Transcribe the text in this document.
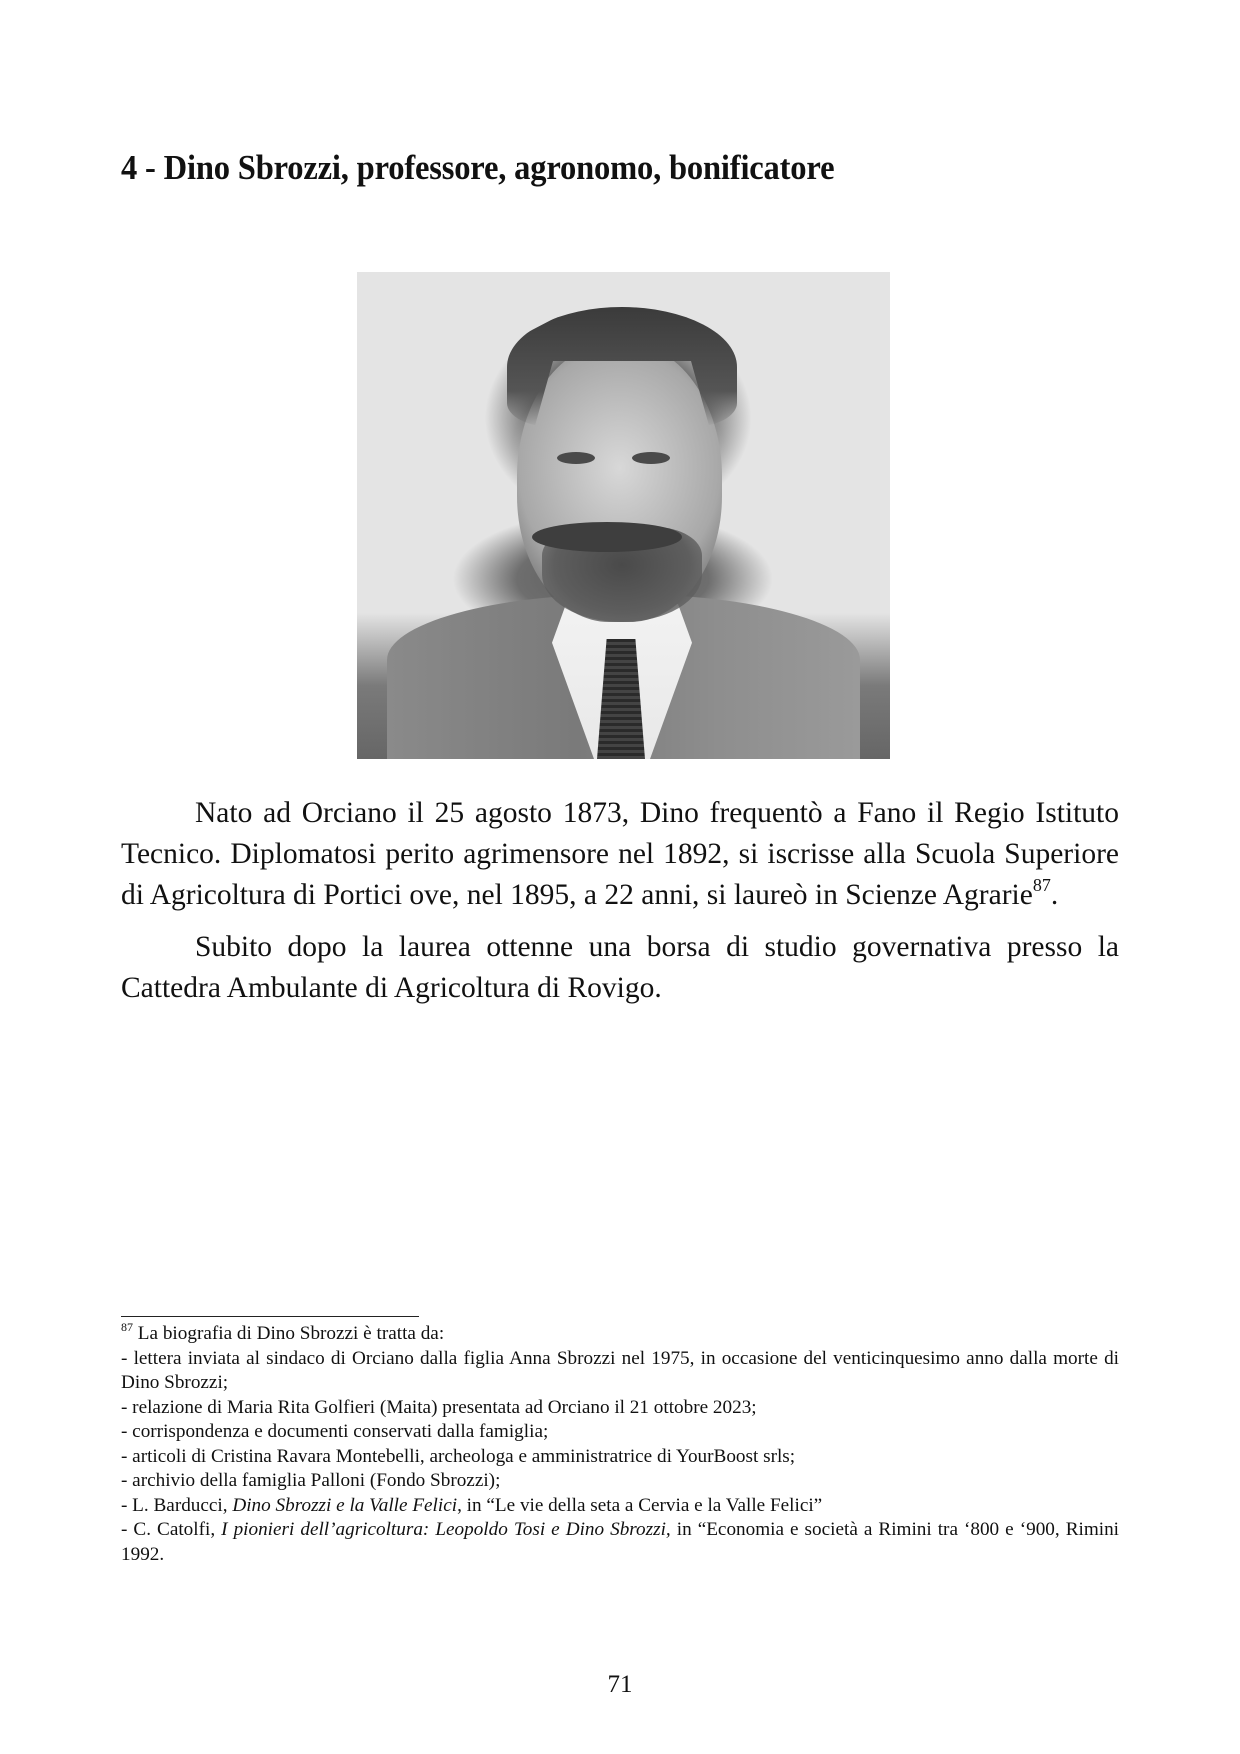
4 - Dino Sbrozzi, professore, agronomo, bonificatore

Nato ad Orciano il 25 agosto 1873, Dino frequentò a Fano il Regio Istituto Tecnico. Diplomatosi perito agrimensore nel 1892, si iscrisse alla Scuola Superiore di Agricoltura di Portici ove, nel 1895, a 22 anni, si laureò in Scienze Agrarie$^{87}$.

Subito dopo la laurea ottenne una borsa di studio governativa presso la Cattedra Ambulante di Agricoltura di Rovigo.

$^{87}$ La biografia di Dino Sbrozzi è tratta da:

- lettera inviata al sindaco di Orciano dalla figlia Anna Sbrozzi nel 1975, in occasione del venticinquesimo anno dalla morte di Dino Sbrozzi;

- relazione di Maria Rita Golfieri (Maita) presentata ad Orciano il 21 ottobre 2023;

- corrispondenza e documenti conservati dalla famiglia;

- articoli di Cristina Ravara Montebelli, archeologa e amministratrice di YourBoost srls;

- archivio della famiglia Palloni (Fondo Sbrozzi);

- L. Barducci, Dino Sbrozzi e la Valle Felici, in “Le vie della seta a Cervia e la Valle Felici”

- C. Catolfi, I pionieri dell’agricoltura: Leopoldo Tosi e Dino Sbrozzi, in “Economia e società a Rimini tra ‘800 e ‘900, Rimini 1992.

71
